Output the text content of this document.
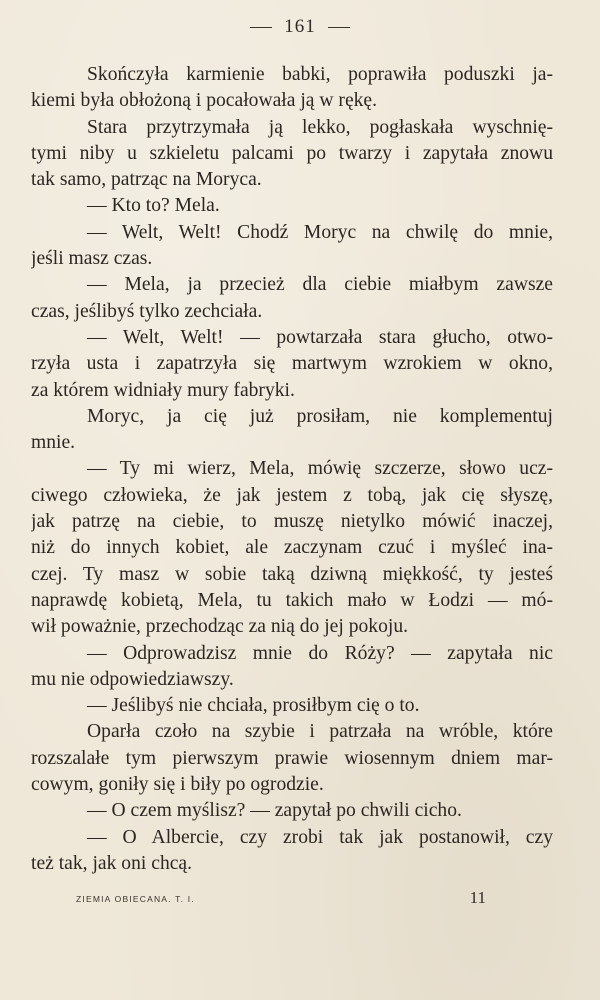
161

Skończyła karmienie babki, poprawiła poduszki ja-

kiemi była obłożoną i pocałowała ją w rękę.

Stara przytrzymała ją lekko, pogłaskała wyschnię-

tymi niby u szkieletu palcami po twarzy i zapytała znowu

tak samo, patrząc na Moryca.

— Kto to? Mela.

— Welt, Welt! Chodź Moryc na chwilę do mnie,

jeśli masz czas.

— Mela, ja przecież dla ciebie miałbym zawsze

czas, jeślibyś tylko zechciała.

— Welt, Welt! — powtarzała stara głucho, otwo-

rzyła usta i zapatrzyła się martwym wzrokiem w okno,

za którem widniały mury fabryki.

Moryc, ja cię już prosiłam, nie komplementuj

mnie.

— Ty mi wierz, Mela, mówię szczerze, słowo ucz-

ciwego człowieka, że jak jestem z tobą, jak cię słyszę,

jak patrzę na ciebie, to muszę nietylko mówić inaczej,

niż do innych kobiet, ale zaczynam czuć i myśleć ina-

czej. Ty masz w sobie taką dziwną miękkość, ty jesteś

naprawdę kobietą, Mela, tu takich mało w Łodzi — mó-

wił poważnie, przechodząc za nią do jej pokoju.

— Odprowadzisz mnie do Róży? — zapytała nic

mu nie odpowiedziawszy.

— Jeślibyś nie chciała, prosiłbym cię o to.

Oparła czoło na szybie i patrzała na wróble, które

rozszalałe tym pierwszym prawie wiosennym dniem mar-

cowym, goniły się i biły po ogrodzie.

— O czem myślisz? — zapytał po chwili cicho.

— O Albercie, czy zrobi tak jak postanowił, czy

też tak, jak oni chcą.

ZIEMIA OBIECANA. T. I.	11
